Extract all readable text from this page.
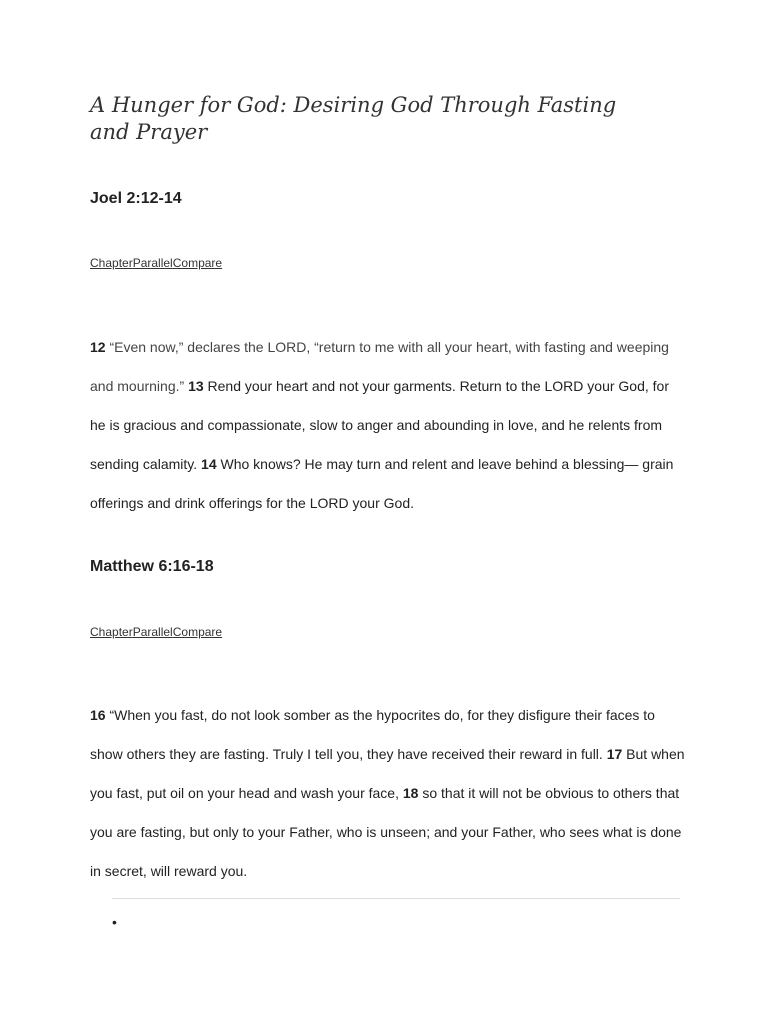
A Hunger for God: Desiring God Through Fasting and Prayer
Joel 2:12-14
ChapterParallelCompare

12 “Even now,” declares the LORD, “return to me with all your heart, with fasting and weeping and mourning.” 13 Rend your heart and not your garments. Return to the LORD your God, for he is gracious and compassionate, slow to anger and abounding in love, and he relents from sending calamity. 14 Who knows? He may turn and relent and leave behind a blessing— grain offerings and drink offerings for the LORD your God.

Matthew 6:16-18
ChapterParallelCompare

16 “When you fast, do not look somber as the hypocrites do, for they disfigure their faces to show others they are fasting. Truly I tell you, they have received their reward in full. 17 But when you fast, put oil on your head and wash your face, 18 so that it will not be obvious to others that you are fasting, but only to your Father, who is unseen; and your Father, who sees what is done in secret, will reward you.

•
